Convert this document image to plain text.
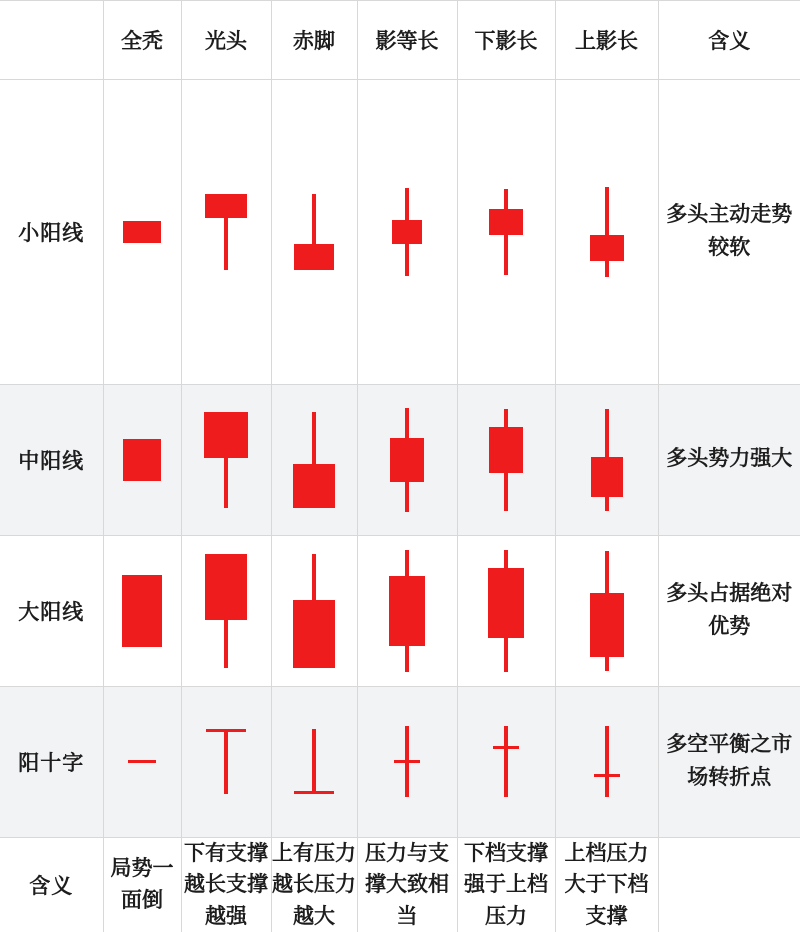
	全秃	光头	赤脚	影等长	下影长	上影长	含义
小阳线							多头主动走势较软
中阳线							多头势力强大
大阳线							多头占据绝对优势
阳十字							多空平衡之市场转折点
含义	局势一面倒	下有支撑越长支撑越强	上有压力越长压力越大	压力与支撑大致相当	下档支撑强于上档压力	上档压力大于下档支撑	
